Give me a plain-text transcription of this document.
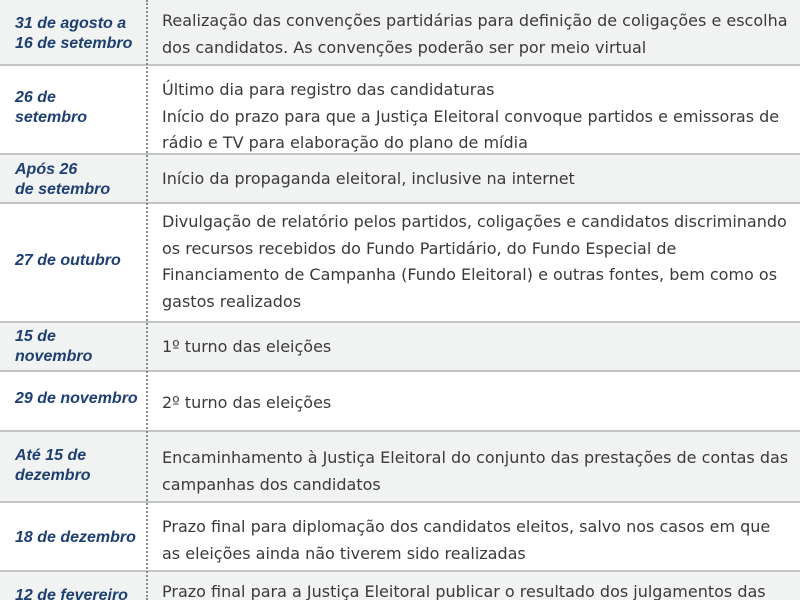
31 de agosto a
16 de setembro

Realização das convenções partidárias para definição de coligações e escolha dos candidatos. As convenções poderão ser por meio virtual

26 de
setembro

Último dia para registro das candidaturas

Início do prazo para que a Justiça Eleitoral convoque partidos e emissoras de rádio e TV para elaboração do plano de mídia

Após 26
de setembro

Início da propaganda eleitoral, inclusive na internet

27 de outubro

Divulgação de relatório pelos partidos, coligações e candidatos discriminando os recursos recebidos do Fundo Partidário, do Fundo Especial de Financiamento de Campanha (Fundo Eleitoral) e outras fontes, bem como os gastos realizados

15 de
novembro

1º turno das eleições

29 de novembro 2º turno das eleições

Até 15 de
dezembro

Encaminhamento à Justiça Eleitoral do conjunto das prestações de contas das campanhas dos candidatos

18 de dezembro

Prazo final para diplomação dos candidatos eleitos, salvo nos casos em que as eleições ainda não tiverem sido realizadas

12 de fevereiro	Prazo final para a Justiça Eleitoral publicar o resultado dos julgamentos das
